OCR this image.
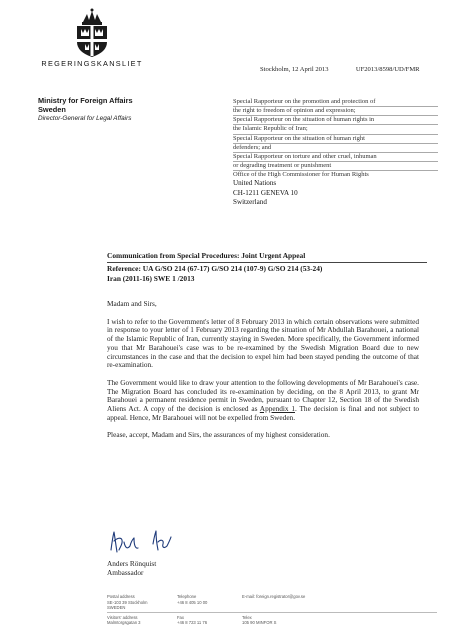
REGERINGSKANSLIET
Stockholm, 12 April 2013	UF2013/8598/UD/FMR
Ministry for Foreign Affairs
Sweden
Director-General for Legal Affairs
Special Rapporteur on the promotion and protection of
the right to freedom of opinion and expression;
Special Rapporteur on the situation of human rights in
the Islamic Republic of Iran;
Special Rapporteur on the situation of human right
defenders; and
Special Rapporteur on torture and other cruel, inhuman
or degrading treatment or punishment
Office of the High Commissioner for Human Rights
United Nations
CH-1211 GENEVA 10
Switzerland
Communication from Special Procedures: Joint Urgent Appeal
Reference: UA G/SO 214 (67-17) G/SO 214 (107-9) G/SO 214 (53-24)
Iran (2011-16) SWE 1 /2013

Madam and Sirs,

I wish to refer to the Government's letter of 8 February 2013 in which certain observations were submitted in response to your letter of 1 February 2013 regarding the situation of Mr Abdullah Barahouei, a national of the Islamic Republic of Iran, currently staying in Sweden. More specifically, the Government informed you that Mr Barahouei's case was to be re-examined by the Swedish Migration Board due to new circumstances in the case and that the decision to expel him had been stayed pending the outcome of that re-examination.

The Government would like to draw your attention to the following developments of Mr Barahouei's case. The Migration Board has concluded its re-examination by deciding, on the 8 April 2013, to grant Mr Barahouei a permanent residence permit in Sweden, pursuant to Chapter 12, Section 18 of the Swedish Aliens Act. A copy of the decision is enclosed as Appendix 1. The decision is final and not subject to appeal. Hence, Mr Barahouei will not be expelled from Sweden.

Please, accept, Madam and Sirs, the assurances of my highest consideration.

Anders Rönquist
Ambassador
Postal address	Telephone	E-mail: foreign.registrator@gov.se
SE-103 39 Stockholm	+46 8 405 10 00
SWEDEN
Visitors' address	Fax	Telex
Malmtorgsgatan 3	+46 8 723 11 76	105 90 MINFOR S
